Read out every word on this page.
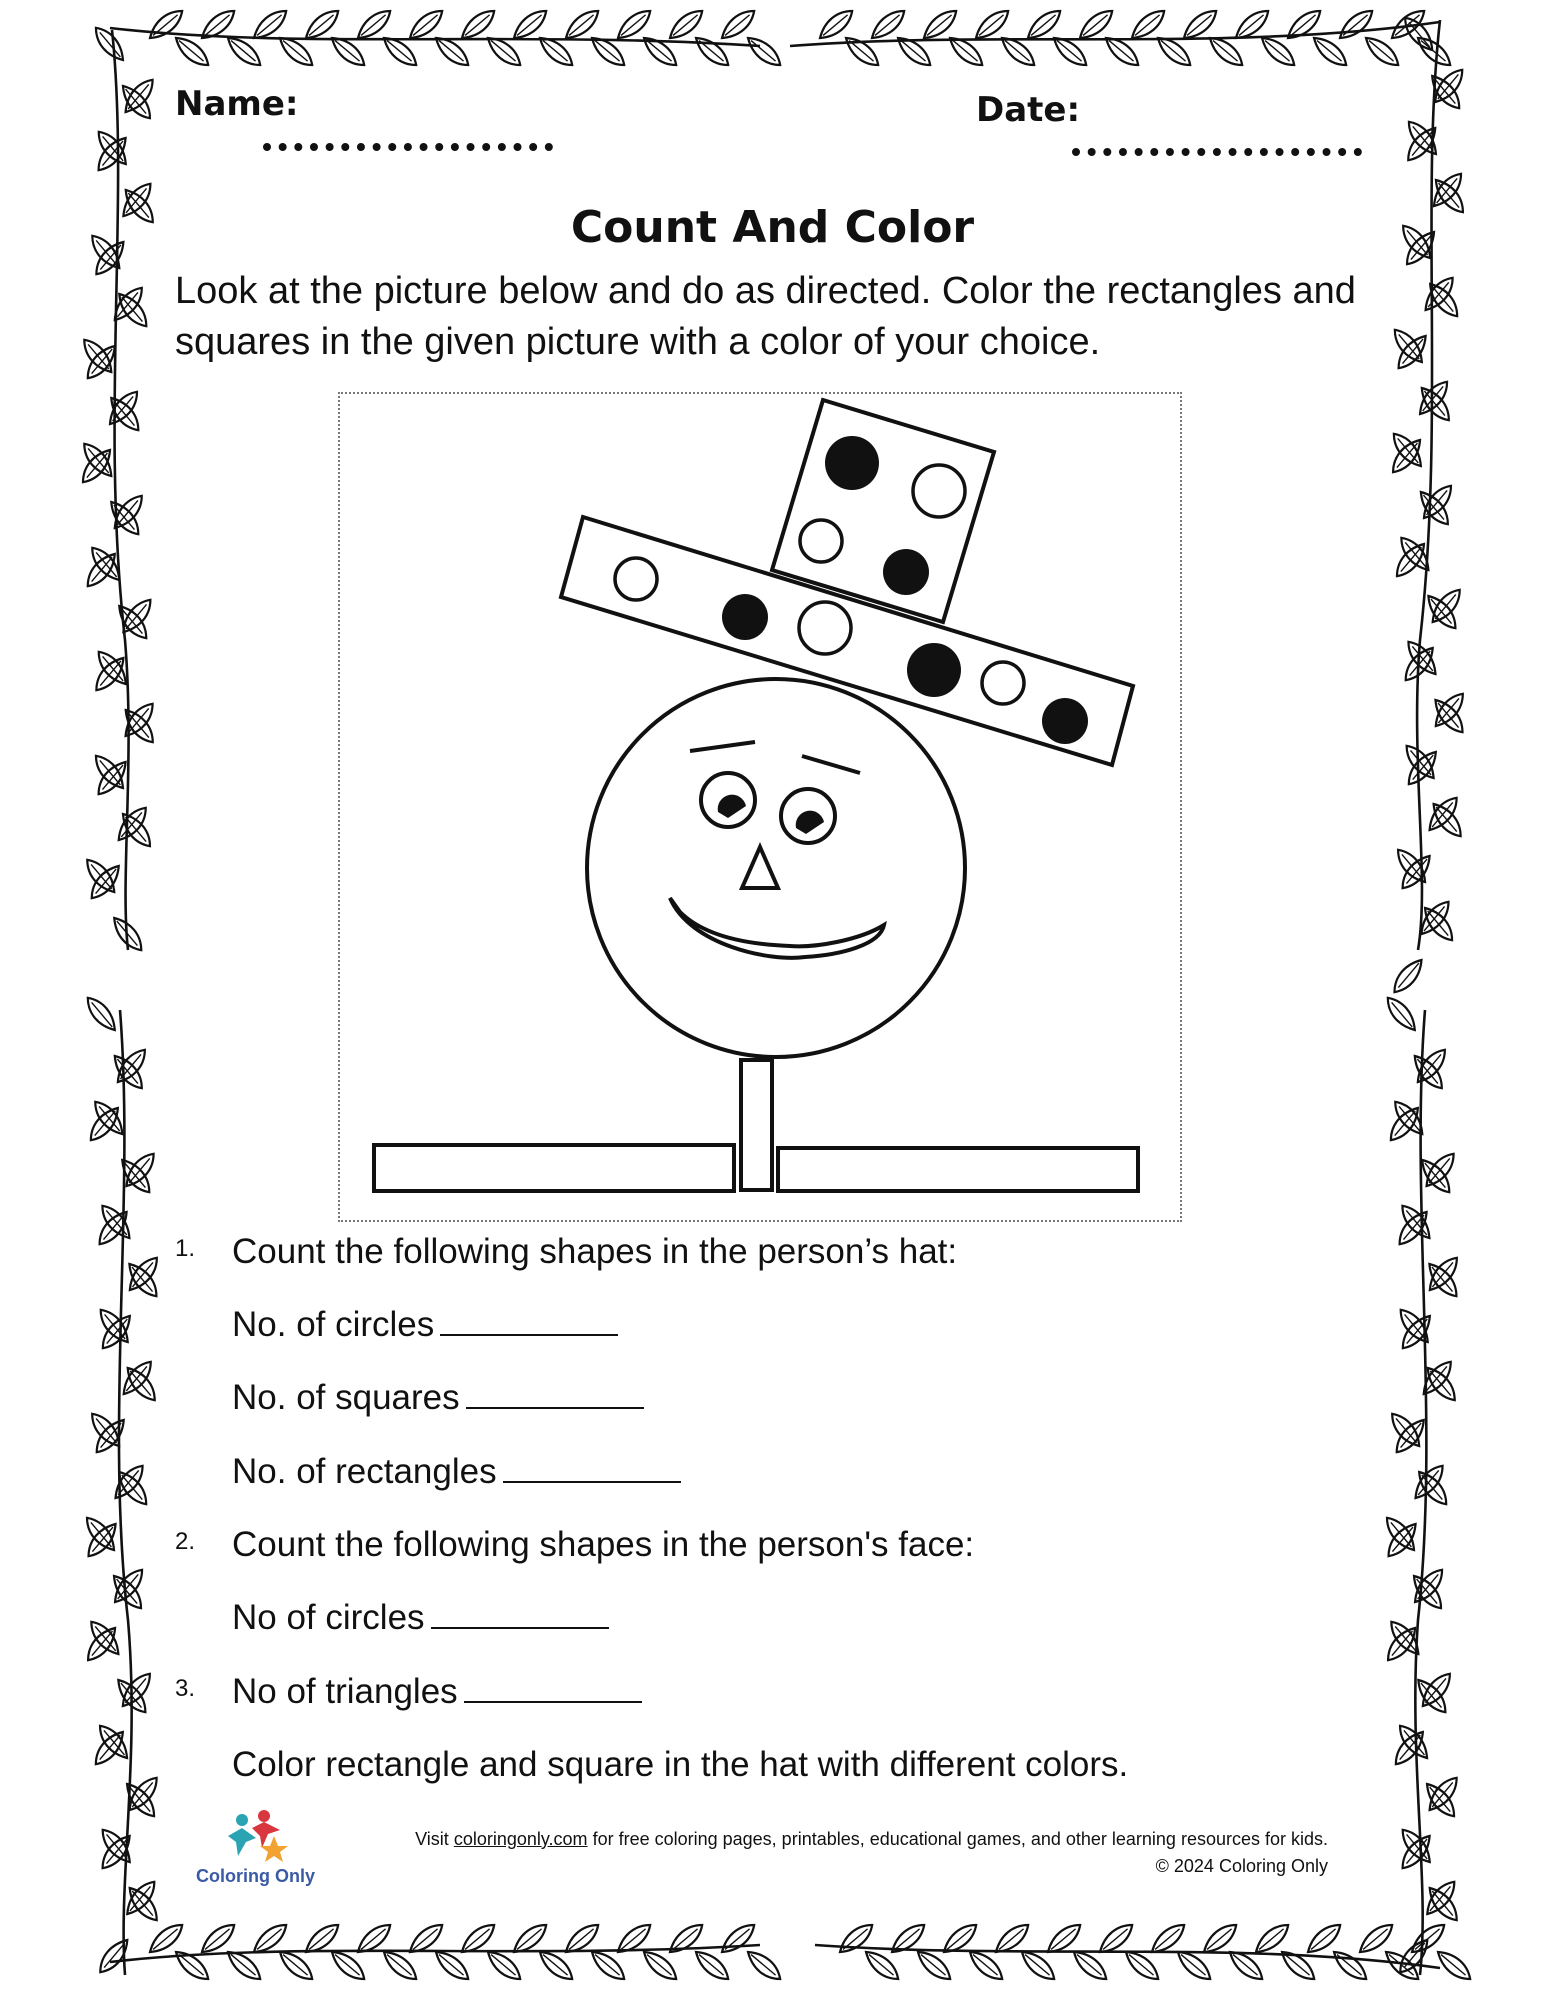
Name:	Date:
Count And Color
Look at the picture below and do as directed. Color the rectangles and squares in the given picture with a color of your choice.
1. Count the following shapes in the person’s hat:
No. of circles
No. of squares
No. of rectangles
2. Count the following shapes in the person's face:
No of circles
3. No of triangles
Color rectangle and square in the hat with different colors.
Coloring Only
Visit coloringonly.com for free coloring pages, printables, educational games, and other learning resources for kids.
© 2024 Coloring Only
